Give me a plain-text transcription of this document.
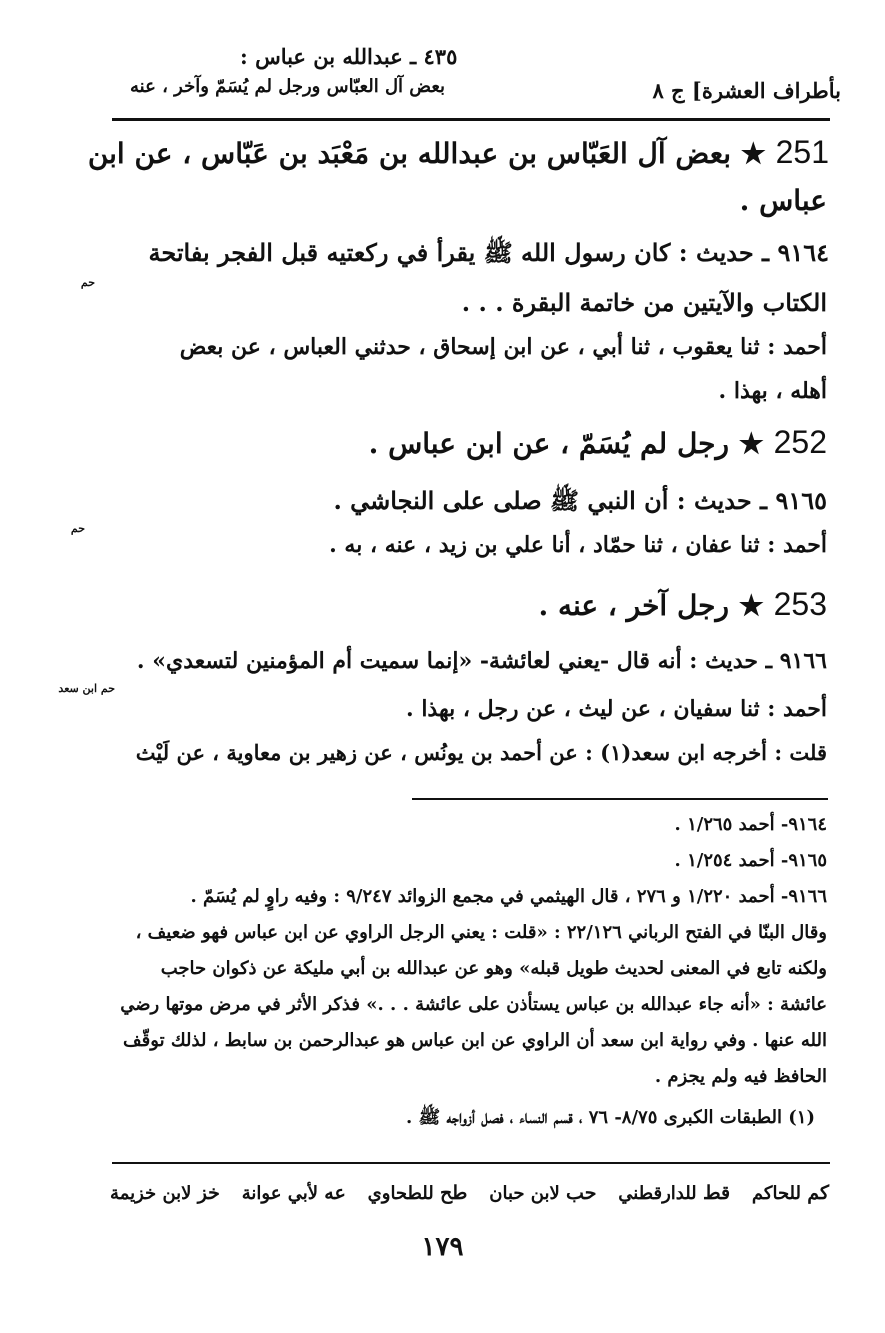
٤٣٥ ـ عبدالله بن عباس :
بعض آل العبّاس ورجل لم يُسَمّ وآخر ، عنه	بأطراف العشرة] ج ٨
251 ★ بعض آل العَبّاس بن عبدالله بن مَعْبَد بن عَبّاس ، عن ابن
عباس .
٩١٦٤ ـ حديث : كان رسول الله ﷺ يقرأ في ركعتيه قبل الفجر بفاتحة
حم
الكتاب والآيتين من خاتمة البقرة . . .
أحمد : ثنا يعقوب ، ثنا أبي ، عن ابن إسحاق ، حدثني العباس ، عن بعض
أهله ، بهذا .
252 ★ رجل لم يُسَمّ ، عن ابن عباس .
٩١٦٥ ـ حديث : أن النبي ﷺ صلى على النجاشي .
حم
أحمد : ثنا عفان ، ثنا حمّاد ، أنا علي بن زيد ، عنه ، به .
253 ★ رجل آخر ، عنه .
٩١٦٦ ـ حديث : أنه قال -يعني لعائشة- «إنما سميت أم المؤمنين لتسعدي» .
حم ابن سعد
أحمد : ثنا سفيان ، عن ليث ، عن رجل ، بهذا .
قلت : أخرجه ابن سعد(١) : عن أحمد بن يونُس ، عن زهير بن معاوية ، عن لَيْث
٩١٦٤- أحمد ١/٢٦٥ .
٩١٦٥- أحمد ١/٢٥٤ .
٩١٦٦- أحمد ١/٢٢٠ و ٢٧٦ ، قال الهيثمي في مجمع الزوائد ٩/٢٤٧ : وفيه راوٍ لم يُسَمّ .
وقال البنّا في الفتح الرباني ٢٢/١٢٦ : «قلت : يعني الرجل الراوي عن ابن عباس فهو ضعيف ،
ولكنه تابع في المعنى لحديث طويل قبله» وهو عن عبدالله بن أبي مليكة عن ذكوان حاجب
عائشة : «أنه جاء عبدالله بن عباس يستأذن على عائشة . . .» فذكر الأثر في مرض موتها رضي
الله عنها . وفي رواية ابن سعد أن الراوي عن ابن عباس هو عبدالرحمن بن سابط ، لذلك توقّف
الحافظ فيه ولم يجزم .
(١) الطبقات الكبرى ٨/٧٥- ٧٦ ، قسم النساء ، فصل أزواجه ﷺ .
خز لابن خزيمة	عه لأبي عوانة	طح للطحاوي	حب لابن حبان	قط للدارقطني	كم للحاكم
١٧٩
